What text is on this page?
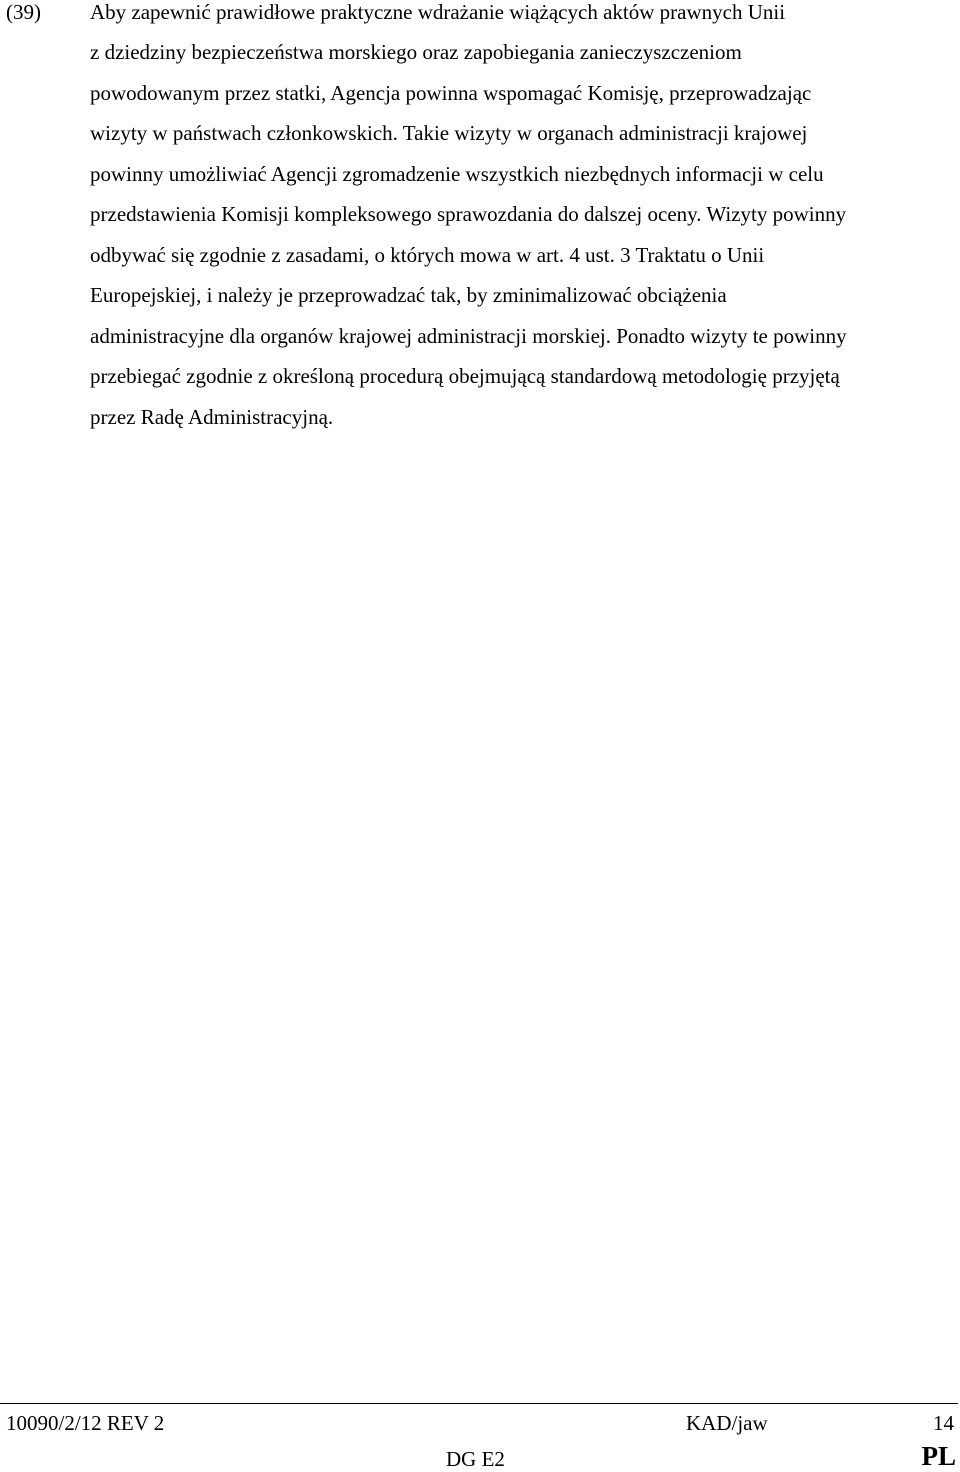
(39) Aby zapewnić prawidłowe praktyczne wdrażanie wiążących aktów prawnych Unii
z dziedziny bezpieczeństwa morskiego oraz zapobiegania zanieczyszczeniom
powodowanym przez statki, Agencja powinna wspomagać Komisję, przeprowadzając
wizyty w państwach członkowskich. Takie wizyty w organach administracji krajowej
powinny umożliwiać Agencji zgromadzenie wszystkich niezbędnych informacji w celu
przedstawienia Komisji kompleksowego sprawozdania do dalszej oceny. Wizyty powinny
odbywać się zgodnie z zasadami, o których mowa w art. 4 ust. 3 Traktatu o Unii
Europejskiej, i należy je przeprowadzać tak, by zminimalizować obciążenia
administracyjne dla organów krajowej administracji morskiej. Ponadto wizyty te powinny
przebiegać zgodnie z określoną procedurą obejmującą standardową metodologię przyjętą
przez Radę Administracyjną.
10090/2/12 REV 2	KAD/jaw	14
DG E2	PL
